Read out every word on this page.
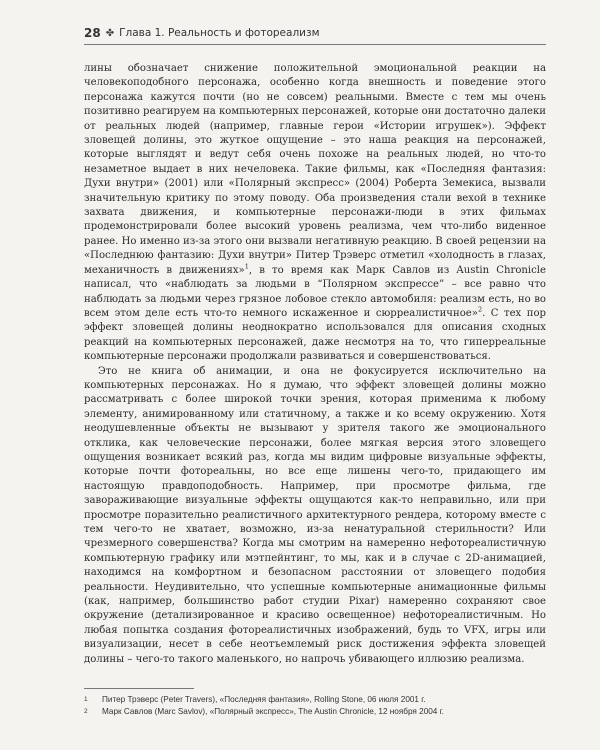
28 ✤ Глава 1. Реальность и фотореализм

лины обозначает снижение положительной эмоциональной реакции на человекоподобного персонажа, особенно когда внешность и поведение этого персонажа кажутся почти (но не совсем) реальными. Вместе с тем мы очень позитивно реагируем на компьютерных персонажей, которые они достаточно далеки от реальных людей (например, главные герои «Истории игрушек»). Эффект зловещей долины, это жуткое ощущение – это наша реакция на персонажей, которые выглядят и ведут себя очень похоже на реальных людей, но что-то незаметное выдает в них нечеловека. Такие фильмы, как «Последняя фантазия: Духи внутри» (2001) или «Полярный экспресс» (2004) Роберта Земекиса, вызвали значительную критику по этому поводу. Оба произведения стали вехой в технике захвата движения, и компьютерные персонажи-люди в этих фильмах продемонстрировали более высокий уровень реализма, чем что-либо виденное ранее. Но именно из-за этого они вызвали негативную реакцию. В своей рецензии на «Последнюю фантазию: Духи внутри» Питер Трэверс отметил «холодность в глазах, механичность в движениях»$^1$, в то время как Марк Савлов из Austin Chronicle написал, что «наблюдать за людьми в “Полярном экспрессе” – все равно что наблюдать за людьми через грязное лобовое стекло автомобиля: реализм есть, но во всем этом деле есть что-то немного искаженное и сюрреалистичное»$^2$. С тех пор эффект зловещей долины неоднократно использовался для описания сходных реакций на компьютерных персонажей, даже несмотря на то, что гиперреальные компьютерные персонажи продолжали развиваться и совершенствоваться.

Это не книга об анимации, и она не фокусируется исключительно на компьютерных персонажах. Но я думаю, что эффект зловещей долины можно рассматривать с более широкой точки зрения, которая применима к любому элементу, анимированному или статичному, а также и ко всему окружению. Хотя неодушевленные объекты не вызывают у зрителя такого же эмоционального отклика, как человеческие персонажи, более мягкая версия этого зловещего ощущения возникает всякий раз, когда мы видим цифровые визуальные эффекты, которые почти фотореальны, но все еще лишены чего-то, придающего им настоящую правдоподобность. Например, при просмотре фильма, где завораживающие визуальные эффекты ощущаются как-то неправильно, или при просмотре поразительно реалистичного архитектурного рендера, которому вместе с тем чего-то не хватает, возможно, из-за ненатуральной стерильности? Или чрезмерного совершенства? Когда мы смотрим на намеренно нефотореалистичную компьютерную графику или мэтпейнтинг, то мы, как и в случае с 2D-анимацией, находимся на комфортном и безопасном расстоянии от зловещего подобия реальности. Неудивительно, что успешные компьютерные анимационные фильмы (как, например, большинство работ студии Pixar) намеренно сохраняют свое окружение (детализированное и красиво освещенное) нефотореалистичным. Но любая попытка создания фотореалистичных изображений, будь то VFX, игры или визуализации, несет в себе неотъемлемый риск достижения эффекта зловещей долины – чего-то такого маленького, но напрочь убивающего иллюзию реализма.

1	Питер Трэверс (Peter Travers), «Последняя фантазия», Rolling Stone, 06 июля 2001 г.
2	Марк Савлов (Marc Savlov), «Полярный экспресс», The Austin Chronicle, 12 ноября 2004 г.
